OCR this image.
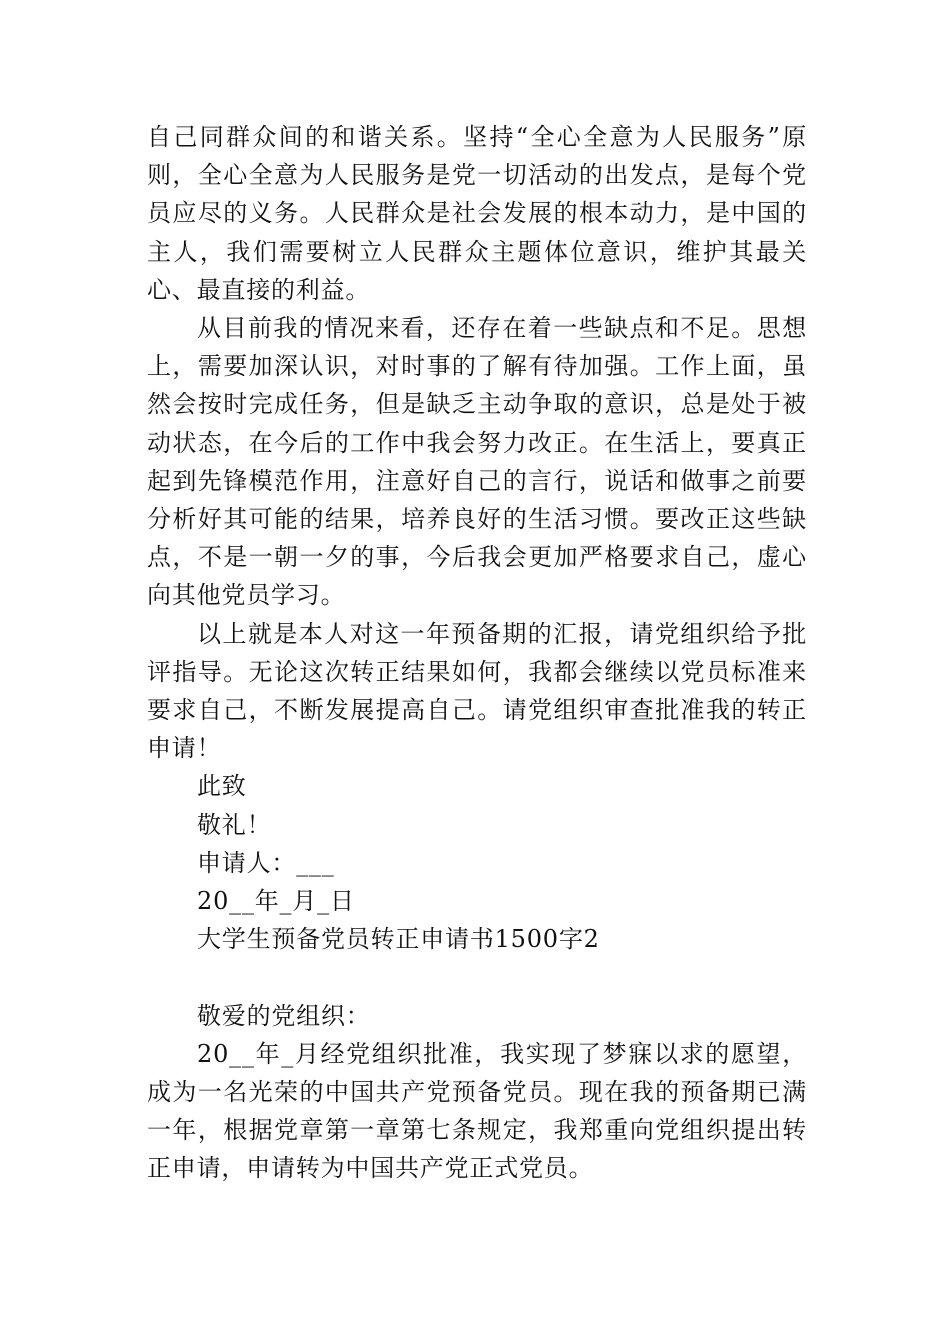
自己同群众间的和谐关系。坚持“全心全意为人民服务”原则，全心全意为人民服务是党一切活动的出发点，是每个党员应尽的义务。人民群众是社会发展的根本动力，是中国的主人，我们需要树立人民群众主题体位意识，维护其最关心、最直接的利益。

从目前我的情况来看，还存在着一些缺点和不足。思想上，需要加深认识，对时事的了解有待加强。工作上面，虽然会按时完成任务，但是缺乏主动争取的意识，总是处于被动状态，在今后的工作中我会努力改正。在生活上，要真正起到先锋模范作用，注意好自己的言行，说话和做事之前要分析好其可能的结果，培养良好的生活习惯。要改正这些缺点，不是一朝一夕的事，今后我会更加严格要求自己，虚心向其他党员学习。

以上就是本人对这一年预备期的汇报，请党组织给予批评指导。无论这次转正结果如何，我都会继续以党员标准来要求自己，不断发展提高自己。请党组织审查批准我的转正申请！

此致

敬礼！

申请人：___

20__年_月_日

大学生预备党员转正申请书1500字2

敬爱的党组织：

20__年_月经党组织批准，我实现了梦寐以求的愿望，成为一名光荣的中国共产党预备党员。现在我的预备期已满一年，根据党章第一章第七条规定，我郑重向党组织提出转正申请，申请转为中国共产党正式党员。
